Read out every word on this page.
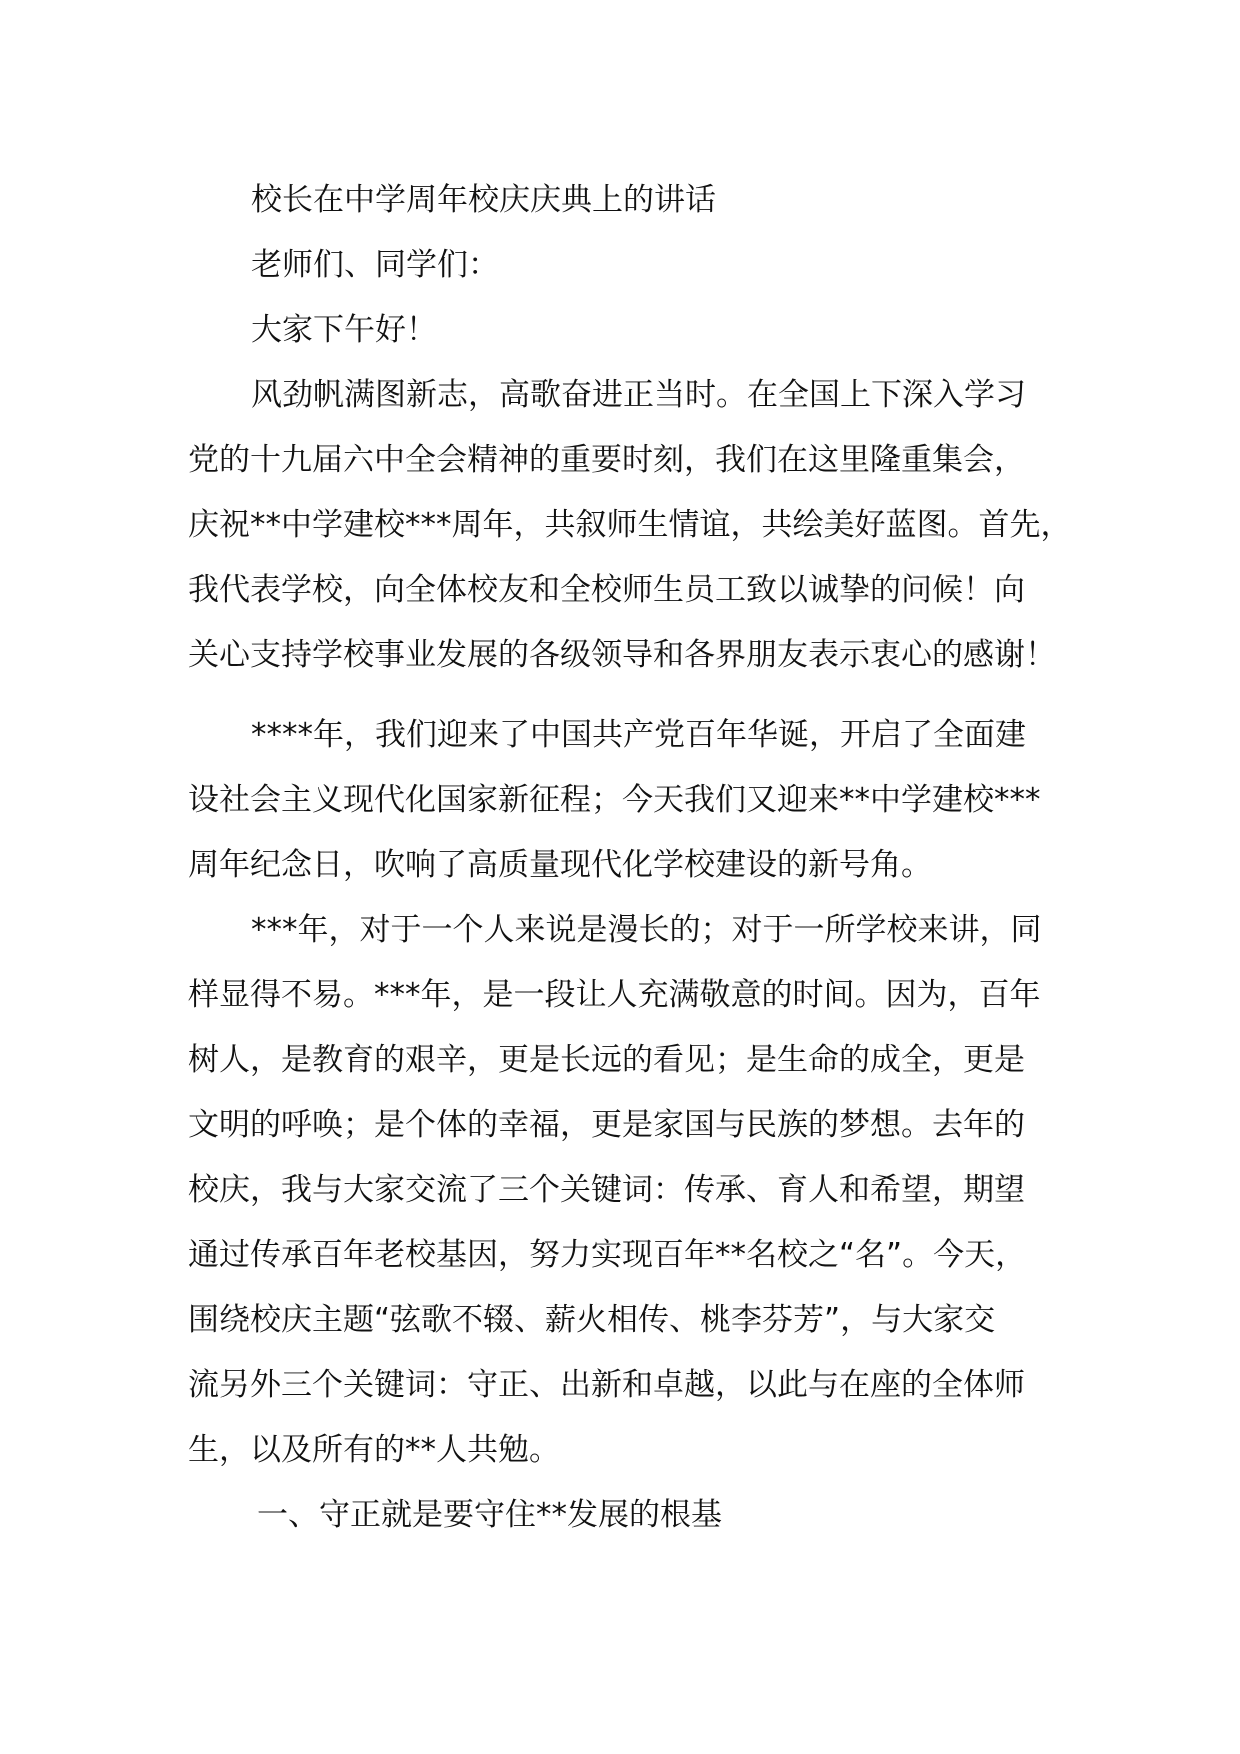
校长在中学周年校庆庆典上的讲话
老师们、同学们：
大家下午好！
风劲帆满图新志，高歌奋进正当时。在全国上下深入学习
党的十九届六中全会精神的重要时刻，我们在这里隆重集会，
庆祝**中学建校***周年，共叙师生情谊，共绘美好蓝图。首先，
我代表学校，向全体校友和全校师生员工致以诚挚的问候！向
关心支持学校事业发展的各级领导和各界朋友表示衷心的感谢！
****年，我们迎来了中国共产党百年华诞，开启了全面建
设社会主义现代化国家新征程；今天我们又迎来**中学建校***
周年纪念日，吹响了高质量现代化学校建设的新号角。
***年，对于一个人来说是漫长的；对于一所学校来讲，同
样显得不易。***年，是一段让人充满敬意的时间。因为，百年
树人，是教育的艰辛，更是长远的看见；是生命的成全，更是
文明的呼唤；是个体的幸福，更是家国与民族的梦想。去年的
校庆，我与大家交流了三个关键词：传承、育人和希望，期望
通过传承百年老校基因，努力实现百年**名校之“名”。今天，
围绕校庆主题“弦歌不辍、薪火相传、桃李芬芳”，与大家交
流另外三个关键词：守正、出新和卓越，以此与在座的全体师
生，以及所有的**人共勉。
一、守正就是要守住**发展的根基
